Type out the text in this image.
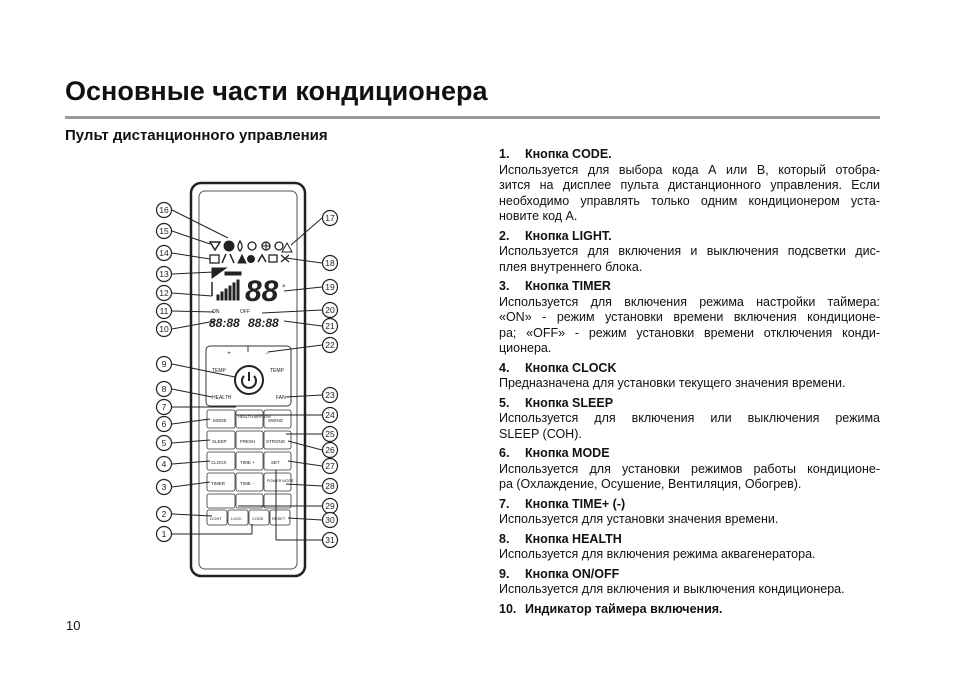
Основные части кондиционера
Пульт дистанционного управления
88 °
ON	OFF
88:88 88:88
+	−
TEMP	TEMP
HEALTH	FAN
MODE
HEALTH AIRFLOW
SWING
SLEEP	FRESH STRONG
CLOCK	TIME +	SET
TIMER	TIME -	POWER MODE
LIGHT LOCK	CODE RESET
16
15
14
13
12
11
10
9
8
7
6
5
4
3
2
1
17
18
19
20
21
22
23
24
25
26
27
28
29
30
31
1. Кнопка CODE.
Используется для выбора кода А или В, который отобра-
зится на дисплее пульта дистанционного управления. Если
необходимо управлять только одним кондиционером уста-
новите код А.
2. Кнопка LIGHT.
Используется для включения и выключения подсветки дис-
плея внутреннего блока.
3. Кнопка TIMER
Используется для включения режима настройки таймера:
«ON» - режим установки времени включения кондиционе-
ра; «OFF» - режим установки времени отключения конди-
ционера.
4. Кнопка CLOCK
Предназначена для установки текущего значения времени.
5. Кнопка SLEEP
Используется для включения или выключения режима
SLEEP (СОН).
6. Кнопка MODE
Используется для установки режимов работы кондиционе-
ра (Охлаждение, Осушение, Вентиляция, Обогрев).
7. Кнопка TIME+ (-)
Используется для установки значения времени.
8. Кнопка HEALTH
Используется для включения режима аквагенератора.
9. Кнопка ON/OFF
Используется для включения и выключения кондиционера.
10. Индикатор таймера включения.
10
